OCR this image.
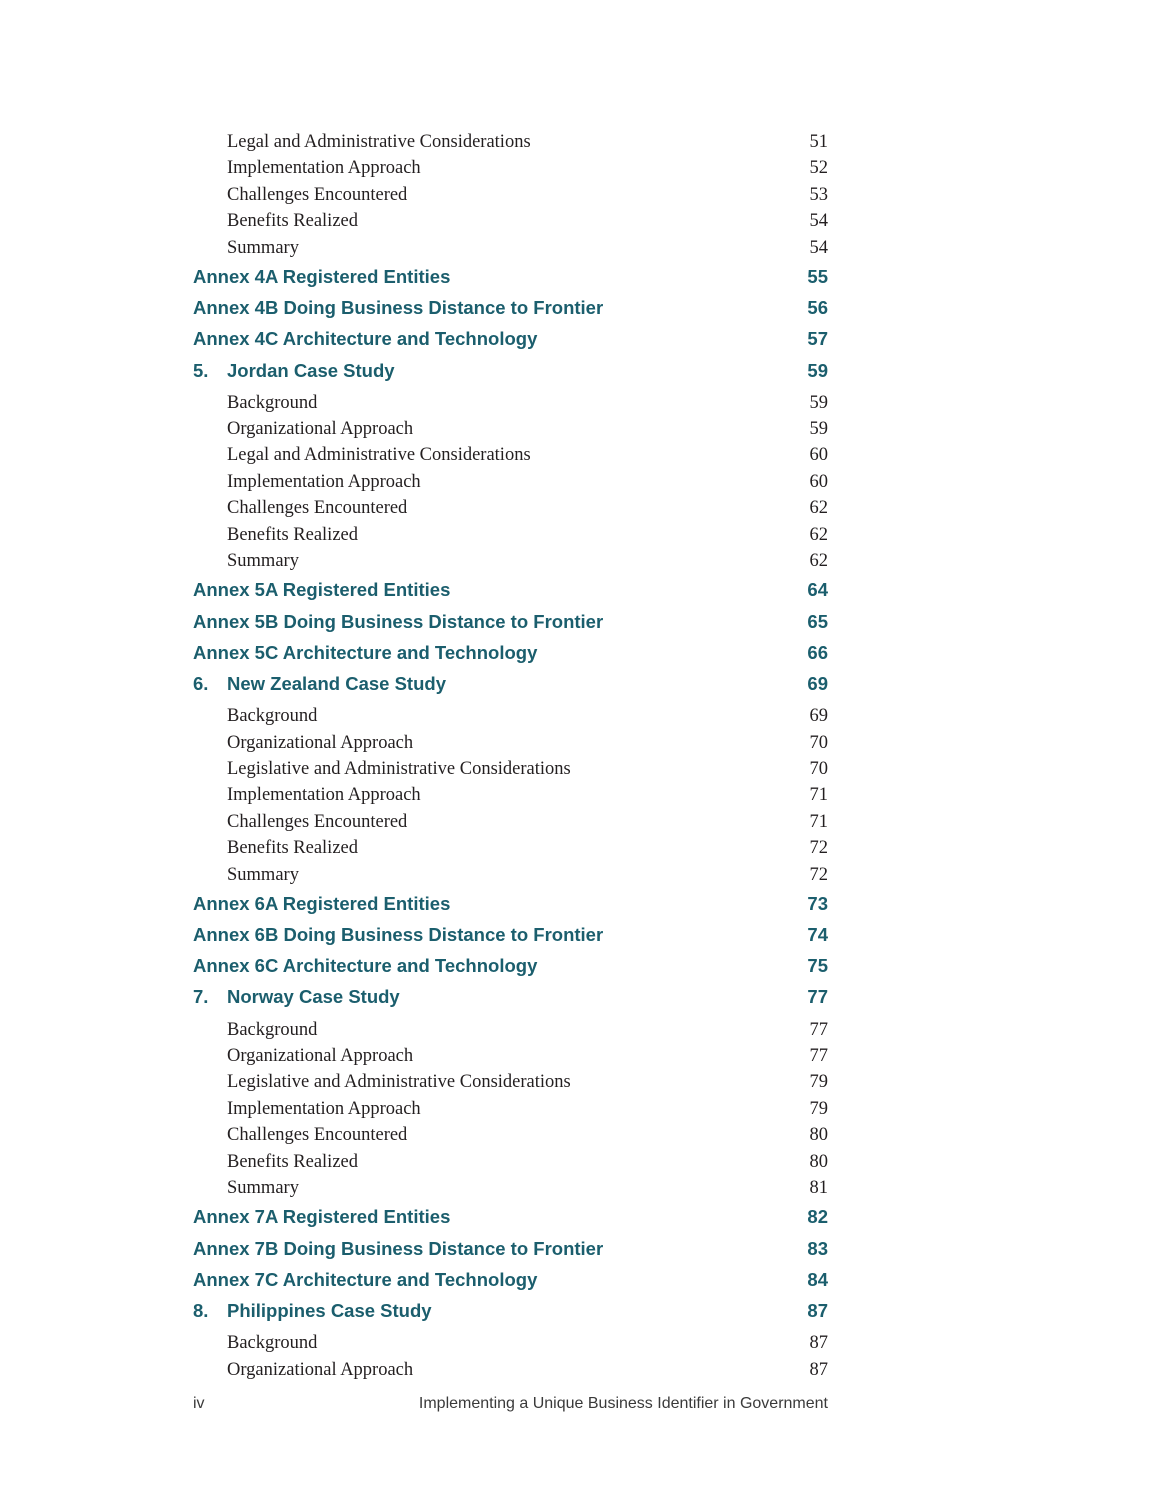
Legal and Administrative Considerations	51
Implementation Approach	52
Challenges Encountered	53
Benefits Realized	54
Summary	54
Annex 4A Registered Entities	55
Annex 4B Doing Business Distance to Frontier	56
Annex 4C Architecture and Technology	57
5.	Jordan Case Study	59
Background	59
Organizational Approach	59
Legal and Administrative Considerations	60
Implementation Approach	60
Challenges Encountered	62
Benefits Realized	62
Summary	62
Annex 5A Registered Entities	64
Annex 5B Doing Business Distance to Frontier	65
Annex 5C Architecture and Technology	66
6.	New Zealand Case Study	69
Background	69
Organizational Approach	70
Legislative and Administrative Considerations	70
Implementation Approach	71
Challenges Encountered	71
Benefits Realized	72
Summary	72
Annex 6A Registered Entities	73
Annex 6B Doing Business Distance to Frontier	74
Annex 6C Architecture and Technology	75
7.	Norway Case Study	77
Background	77
Organizational Approach	77
Legislative and Administrative Considerations	79
Implementation Approach	79
Challenges Encountered	80
Benefits Realized	80
Summary	81
Annex 7A Registered Entities	82
Annex 7B Doing Business Distance to Frontier	83
Annex 7C Architecture and Technology	84
8.	Philippines Case Study	87
Background	87
Organizational Approach	87
iv	Implementing a Unique Business Identifier in Government
